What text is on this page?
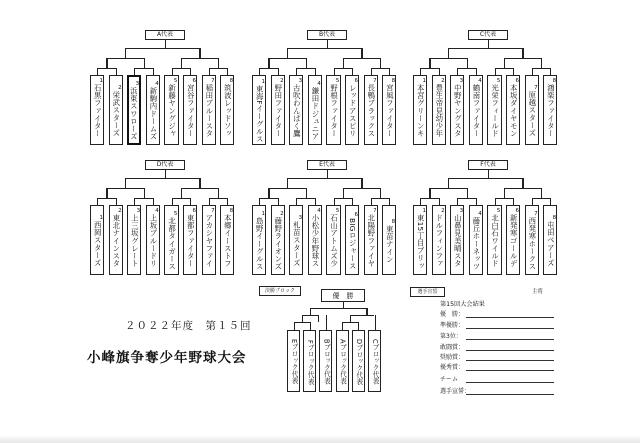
A代表
1
石黒ファイター
2
栄武スターズ
3
浜東スワローズ
4
新駒内ドームズ
5
新藤ヤングジャ
6
宮谷ファイター
7
稲田ブルースタ
8
筑波レッドソッ
B代表
1
東海Fイーグルス
2
野田ファイター
3
古吹わんぱく鷹
4
鎌田ドジュニア
5
野根ファイター
6
レッドアスピリ
7
長鴨ブラックス
8
宮風ファイター
C代表
1
本宮グリーンキ
2
豊生帝見幼少年
3
中野ヤングスタ
4
鶴南ファイター
5
光栄フィールド
6
本坂ダイヤモン
7
原越スターズ
8
鴻楽ファイター
D代表
1
西岡スターズ
2
東北ナインスタ
3
上三坂グレート
4
上坂ブルードリ
5
北都タイガース
6
東都ファイター
7
アカシヤファイ
8
本郷イーストフ
E代表
1
島野イーグルス
2
藤野ライオンズ	3
札苗スターズ
4
小松少年野球ス
5
石山アトムズ少
6
BIGロジャース
7
北陽野ファイヤ
8
東苗ナイン
F代表
1
東15丁目ブリッ
2
ドルフィンファ
3
山鼻見美晴スタ
4
藤丘ホーネッツ
5
北白石ワイルド
6
新発寒ゴールデ
7
西発寒ホークス	8
屯田ベアーズ
２０２２年度　第１５回
小峰旗争奪少年野球大会
決勝ブロック
優　勝
Eブロック代表 Fブロック代表 Bブロック代表 Aブロック代表 Dブロック代表 Cブロック代表
選手宣誓	主将
第15回大会結果
優　勝：
準優勝：
第3位：
敢闘賞：
奨励賞：
優秀賞：
チーム
選手宣誓：
